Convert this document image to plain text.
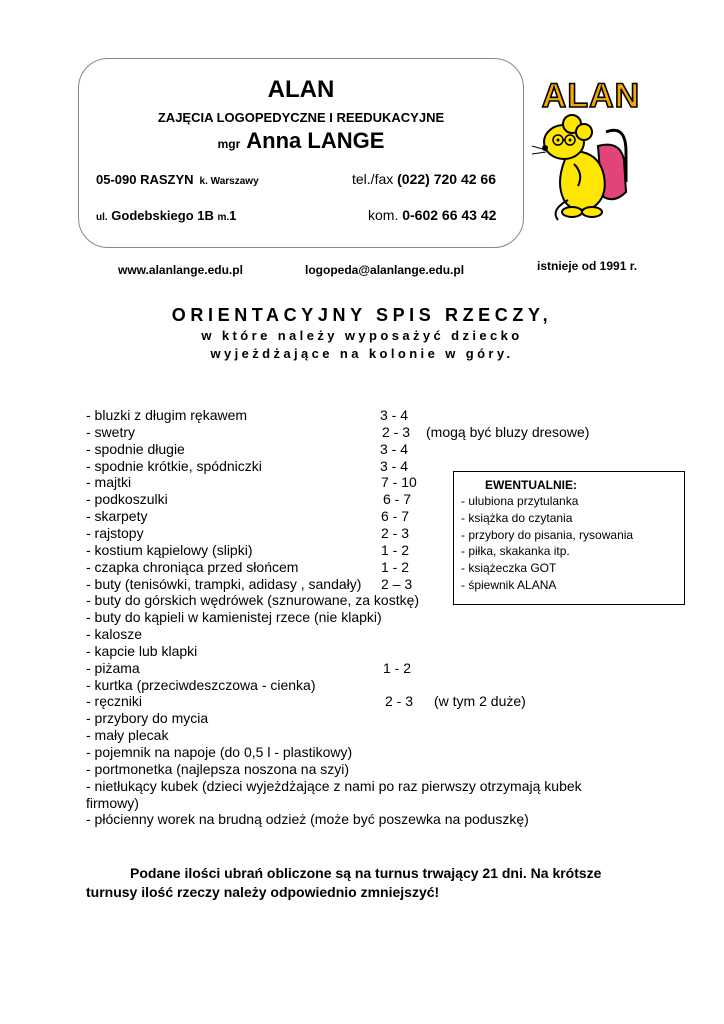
ALAN
ZAJĘCIA LOGOPEDYCZNE I REEDUKACYJNE
mgr Anna LANGE
05-090 RASZYN k. Warszawy	tel./fax (022) 720 42 66
ul. Godebskiego 1B m.1	kom. 0-602 66 43 42
www.alanlange.edu.pl	logopeda@alanlange.edu.pl	istnieje od 1991 r.
ALAN
ORIENTACYJNY SPIS RZECZY,
w które należy wyposażyć dziecko
wyjeżdżające na kolonie w góry.
- bluzki z długim rękawem	3 - 4
- swetry	2 - 3 (mogą być bluzy dresowe)
- spodnie długie	3 - 4
- spodnie krótkie, spódniczki	3 - 4
- majtki	7 - 10
- podkoszulki	6 - 7
- skarpety	6 - 7
- rajstopy	2 - 3
- kostium kąpielowy (slipki)	1 - 2
- czapka chroniąca przed słońcem	1 - 2
- buty (tenisówki, trampki, adidasy , sandały) 2 – 3
- buty do górskich wędrówek (sznurowane, za kostkę)
- buty do kąpieli w kamienistej rzece (nie klapki)
- kalosze
- kapcie lub klapki
- piżama	1 - 2
- kurtka (przeciwdeszczowa - cienka)
- ręczniki	2 - 3 (w tym 2 duże)
- przybory do mycia
- mały plecak
- pojemnik na napoje (do 0,5 l - plastikowy)
- portmonetka (najlepsza noszona na szyi)
- nietłukący kubek (dzieci wyjeżdżające z nami po raz pierwszy otrzymają kubek
firmowy)
- płócienny worek na brudną odzież (może być poszewka na poduszkę)
EWENTUALNIE:
- ulubiona przytulanka
- książka do czytania
- przybory do pisania, rysowania
- piłka, skakanka itp.
- książeczka GOT
- śpiewnik ALANA
Podane ilości ubrań obliczone są na turnus trwający 21 dni. Na krótsze turnusy ilość rzeczy należy odpowiednio zmniejszyć!
